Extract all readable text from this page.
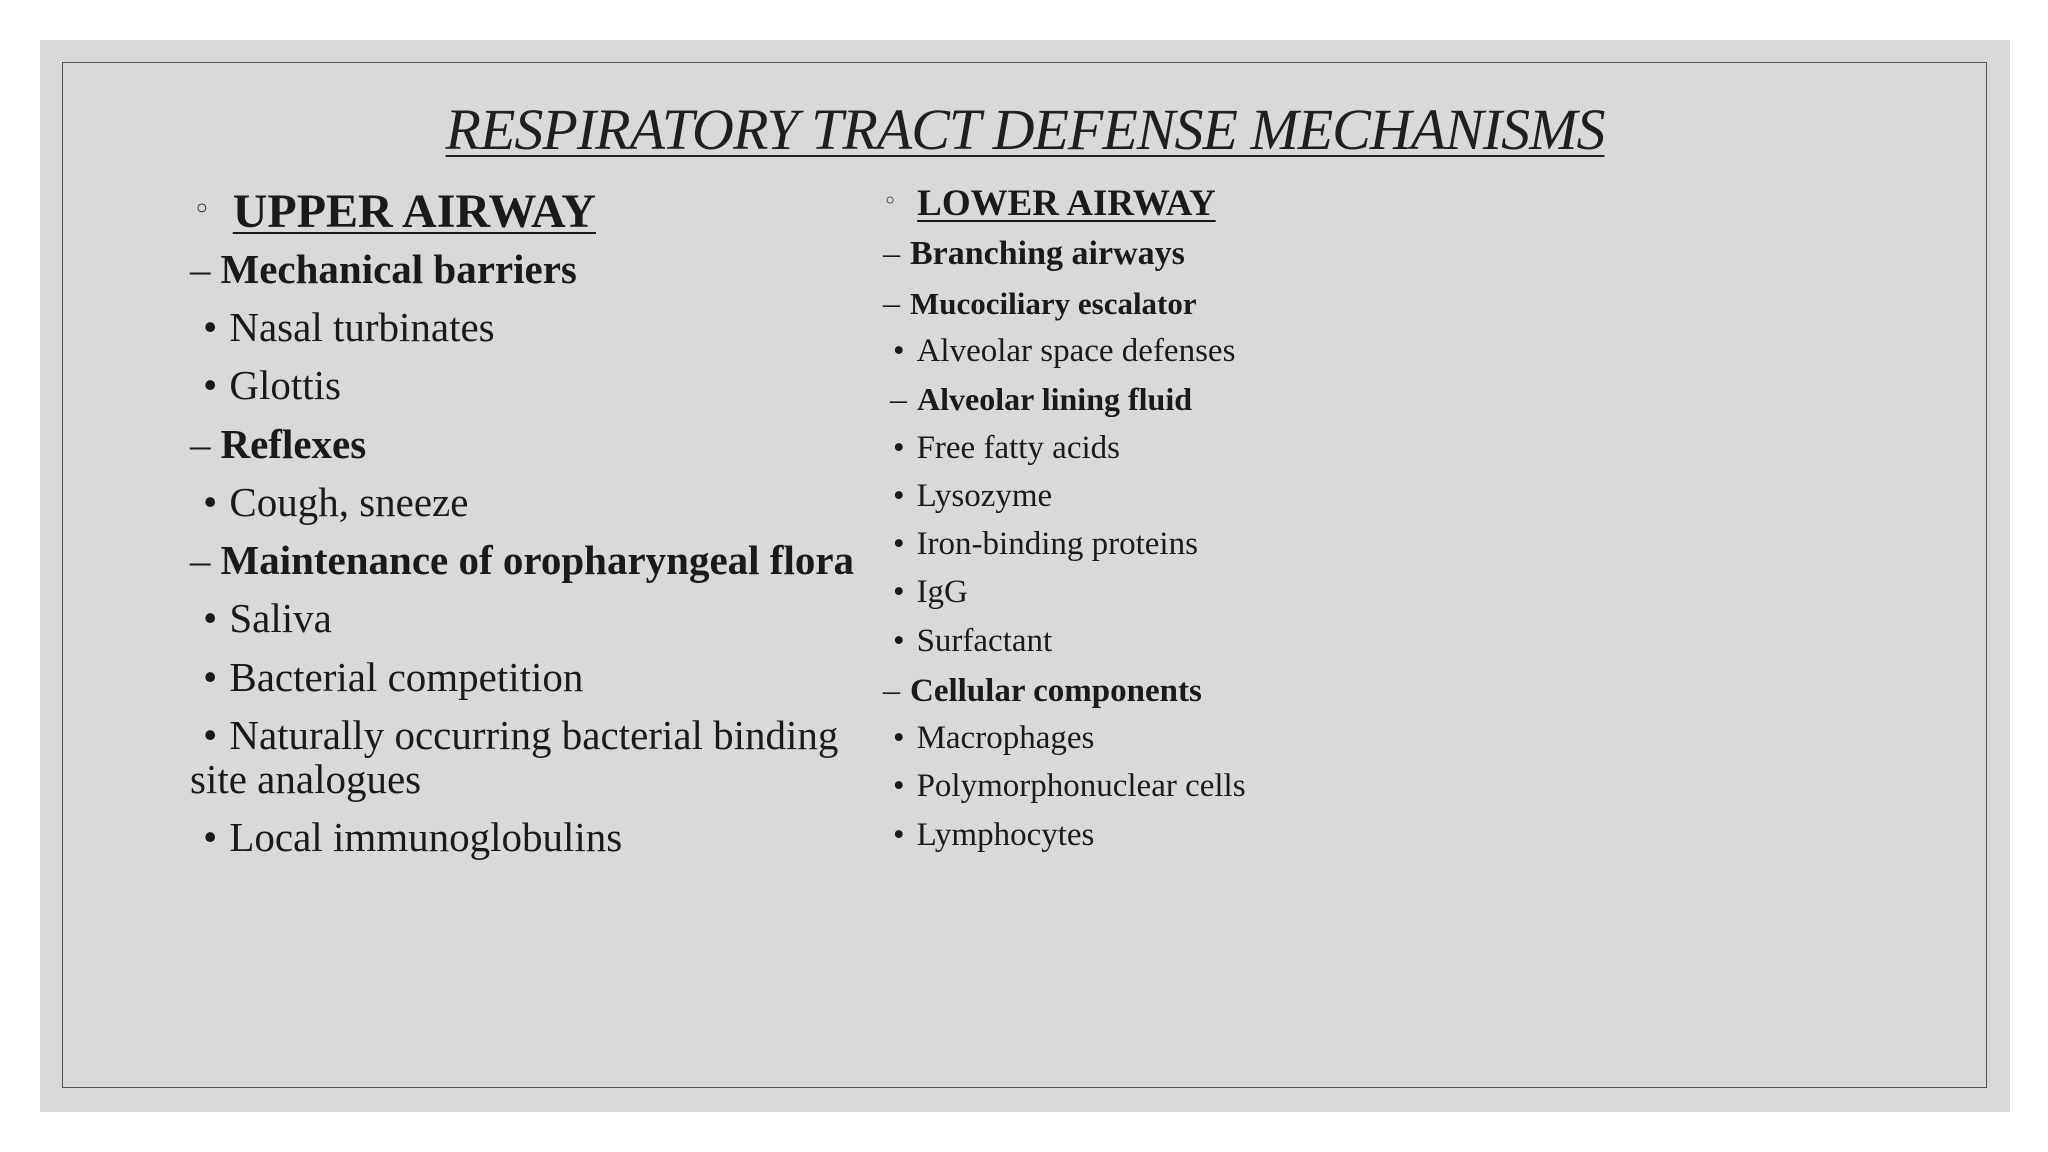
RESPIRATORY TRACT DEFENSE MECHANISMS
◦ UPPER AIRWAY
– Mechanical barriers
• Nasal turbinates
• Glottis
– Reflexes
• Cough, sneeze
– Maintenance of oropharyngeal flora
• Saliva
• Bacterial competition
• Naturally occurring bacterial binding
site analogues
• Local immunoglobulins
◦ LOWER AIRWAY
– Branching airways
– Mucociliary escalator
• Alveolar space defenses
– Alveolar lining fluid
• Free fatty acids
• Lysozyme
• Iron-binding proteins
• IgG
• Surfactant
– Cellular components
• Macrophages
• Polymorphonuclear cells
• Lymphocytes
